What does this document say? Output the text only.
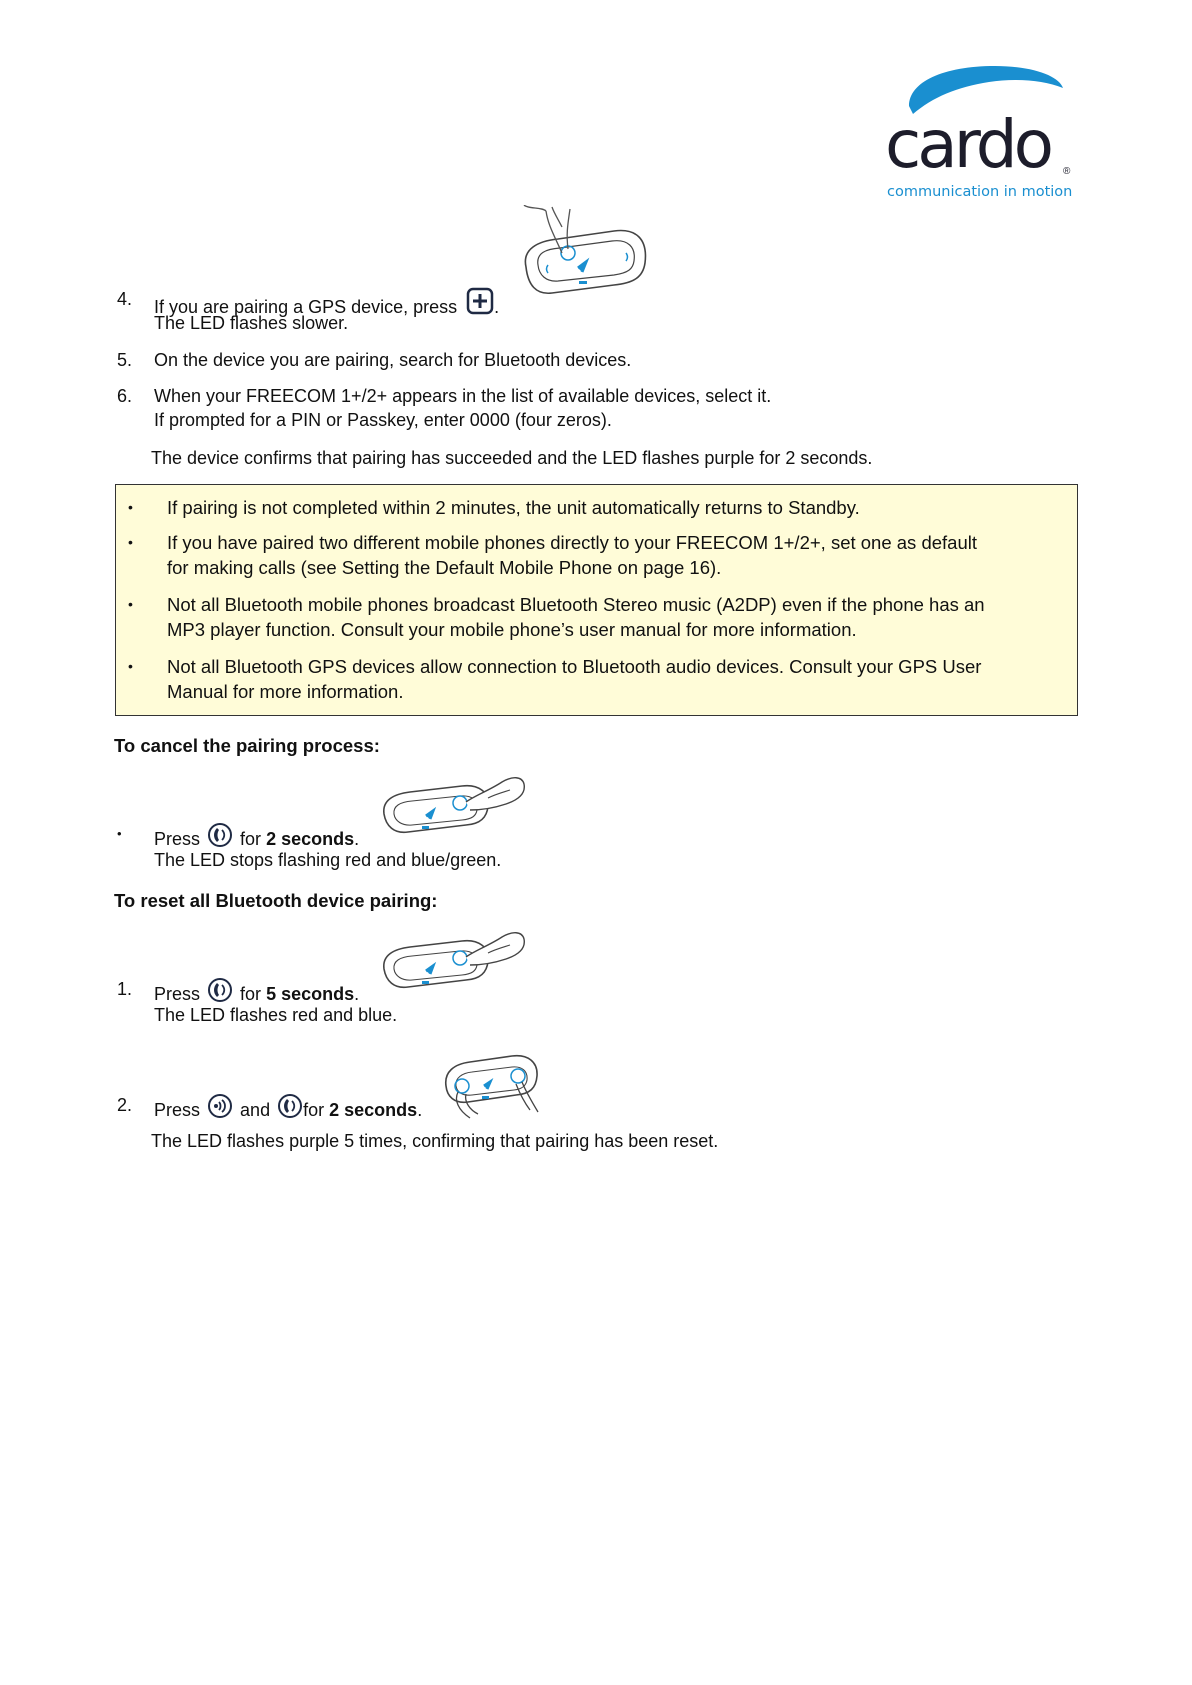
cardo	®
communication in motion
4.	If you are pairing a GPS device, press .
The LED flashes slower.
5.	On the device you are pairing, search for Bluetooth devices.
6.	When your FREECOM 1+/2+ appears in the list of available devices, select it.
If prompted for a PIN or Passkey, enter 0000 (four zeros).
The device confirms that pairing has succeeded and the LED flashes purple for 2 seconds.
• If pairing is not completed within 2 minutes, the unit automatically returns to Standby.
• If you have paired two different mobile phones directly to your FREECOM 1+/2+, set one as default
for making calls (see Setting the Default Mobile Phone on page 16).
• Not all Bluetooth mobile phones broadcast Bluetooth Stereo music (A2DP) even if the phone has an
MP3 player function. Consult your mobile phone’s user manual for more information.
• Not all Bluetooth GPS devices allow connection to Bluetooth audio devices. Consult your GPS User
Manual for more information.
To cancel the pairing process:
•	Press for 2 seconds.
The LED stops flashing red and blue/green.
To reset all Bluetooth device pairing:
1.	Press for 5 seconds.
The LED flashes red and blue.
2.	Press and for 2 seconds.
The LED flashes purple 5 times, confirming that pairing has been reset.
